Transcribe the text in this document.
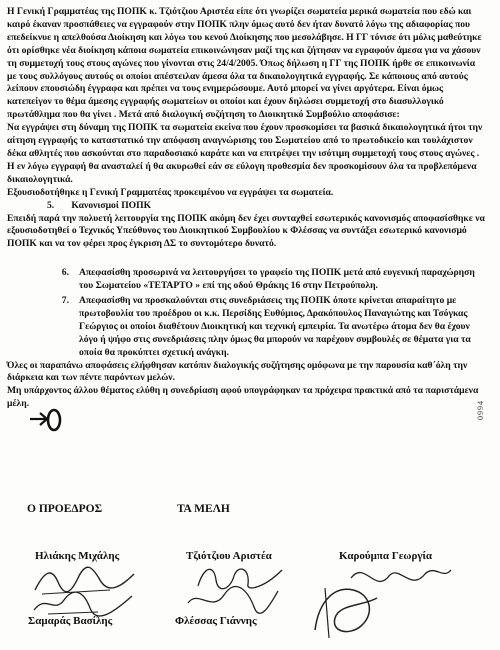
Η Γενική Γραμματέας της ΠΟΠΚ κ. Τζιότζιου Αριστέα είπε ότι γνωρίζει σωματεία μερικά σωματεία που εδώ και καιρό έκαναν προσπάθειες να εγγραφούν στην ΠΟΠΚ πλην όμως αυτό δεν ήταν δυνατό λόγω της αδιαφορίας που επεδείκνυε η απελθούσα Διοίκηση και λόγω του κενού Διοίκησης που μεσολάβησε. Η ΓΓ τόνισε ότι μόλις μαθεύτηκε ότι ορίσθηκε νέα διοίκηση κάποια σωματεία επικοινώνησαν μαζί της και ζήτησαν να εγραφούν άμεσα για να χάσουν τη συμμετοχή τους στους αγώνες που γίνονται στις 24/4/2005. Όπως δήλωση η ΓΓ της ΠΟΠΚ ήρθε σε επικοινωνία με τους συλλόγους αυτούς οι οποίοι απέστειλαν άμεσα όλα τα δικαιολογητικά εγγραφής. Σε κάποιους από αυτούς λείπουν επουσιώδη έγγραφα και πρέπει να τους ενημερώσουμε. Αυτό μπορεί να γίνει αργότερα. Είναι όμως κατεπείγον το θέμα άμεσης εγγραφής σωματείων οι οποίοι και έχουν δηλώσει συμμετοχή στο διασυλλογικό πρωτάθλημα που θα γίνει . Μετά από διαλογική συζήτηση το Διοικητικό Συμβούλιο αποφάσισε:

Να εγγράψει στη δύναμη της ΠΟΠΚ τα σωματεία εκείνα που έχουν προσκομίσει τα βασικά δικαιολογητικά ήτοι την αίτηση εγγραφής το καταστατικό την απόφαση αναγνώρισης του Σωματείου από το πρωτοδικείο και τουλάχιστον δέκα αθλητές που ασκούνται στο παραδοσιακό καράτε και να επιτρέψει την ισότιμη συμμετοχή τους στους αγώνες . Η εν λόγω εγγραφή θα ανασταλεί ή θα ακυρωθεί εάν σε εύλογη προθεσμία δεν προσκομίσουν όλα τα προβλεπόμενα δικαιολογητικά.

Εξουσιοδοτήθηκε η Γενική Γραμματέας προκειμένου να εγγράψει τα σωματεία.

5. Κανονισμοί ΠΟΠΚ

Επειδή παρά την πολυετή λειτουργία της ΠΟΠΚ ακόμη δεν έχει συνταχθεί εσωτερικός κανονισμός αποφασίσθηκε να εξουσιοδοτηθεί ο Τεχνικός Υπεύθυνος του Διοικητικού Συμβουλίου κ Φλέσσας να συντάξει εσωτερικό κανονισμό ΠΟΠΚ και να τον φέρει προς έγκριση ΔΣ το συντομότερο δυνατό.

6.	Απεφασίσθη προσωρινά να λειτουργήσει το γραφείο της ΠΟΠΚ μετά από ευγενική παραχώρηση του Σωματείου «ΤΕΤΑΡΤΟ » επί της οδού Θράκης 16 στην Πετρούπολη.
7.	Απεφασίσθη να προσκαλούνται στις συνεδριάσεις της ΠΟΠΚ όποτε κρίνεται απαραίτητο με πρωτοβουλία του προέδρου οι κ.κ. Περσίδης Ευθύμιος, Δρακόπουλος Παναγιώτης και Τσόγκας Γεώργιος οι οποίοι διαθέτουν Διοικητική και τεχνική εμπειρία. Τα ανωτέρω άτομα δεν θα έχουν λόγο ή ψήφο στις συνεδριάσεις πλην όμως θα μπορούν να παρέχουν συμβουλές σε θέματα για τα οποία θα προκύπτει σχετική ανάγκη.

Όλες οι παραπάνω αποφάσεις ελήφθησαν κατόπιν διαλογικής συζήτησης ομόφωνα με την παρουσία καθ΄όλη την διάρκεια και των πέντε παρόντων μελών.

Μη υπάρχοντος άλλου θέματος ελύθη η συνεδρίαση αφού υπογράφηκαν τα πρόχειρα πρακτικά από τα παριστάμενα μέλη.	0994
Ο ΠΡΟΕΔΡΟΣ	ΤΑ ΜΕΛΗ
Ηλιάκης Μιχάλης	Τζιότζιου Αριστέα	Καρούμπα Γεωργία
Σαμαράς Βασίλης	Φλέσσας Γιάννης
